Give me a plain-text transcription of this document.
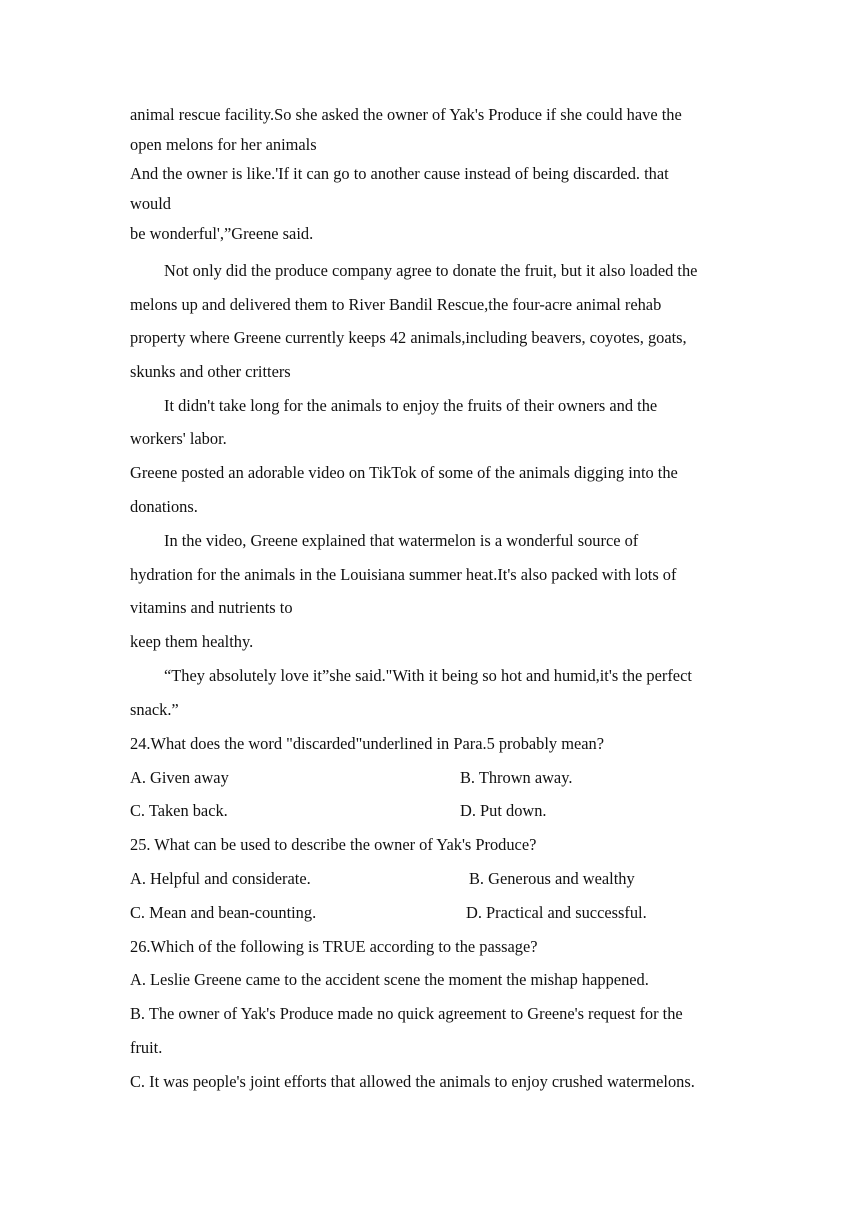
animal rescue facility.So she asked the owner of Yak's Produce if she could have the
open melons for her animals
And the owner is like.'If it can go to another cause instead of being discarded. that
would
be wonderful',”Greene said.
Not only did the produce company agree to donate the fruit, but it also loaded the
melons up and delivered them to River Bandil Rescue,the four-acre animal rehab
property where Greene currently keeps 42 animals,including beavers, coyotes, goats,
skunks and other critters
It didn't take long for the animals to enjoy the fruits of their owners and the
workers' labor.
Greene posted an adorable video on TikTok of some of the animals digging into the
donations.
In the video, Greene explained that watermelon is a wonderful source of
hydration for the animals in the Louisiana summer heat.It's also packed with lots of
vitamins and nutrients to
keep them healthy.
“They absolutely love it”she said."With it being so hot and humid,it's the perfect
snack.”
24.What does the word "discarded"underlined in Para.5 probably mean?
A. Given away	B. Thrown away.
C. Taken back.	D. Put down.
25. What can be used to describe the owner of Yak's Produce?
A. Helpful and considerate.	B. Generous and wealthy
C. Mean and bean-counting.	D. Practical and successful.
26.Which of the following is TRUE according to the passage?
A. Leslie Greene came to the accident scene the moment the mishap happened.
B. The owner of Yak's Produce made no quick agreement to Greene's request for the
fruit.
C. It was people's joint efforts that allowed the animals to enjoy crushed watermelons.
